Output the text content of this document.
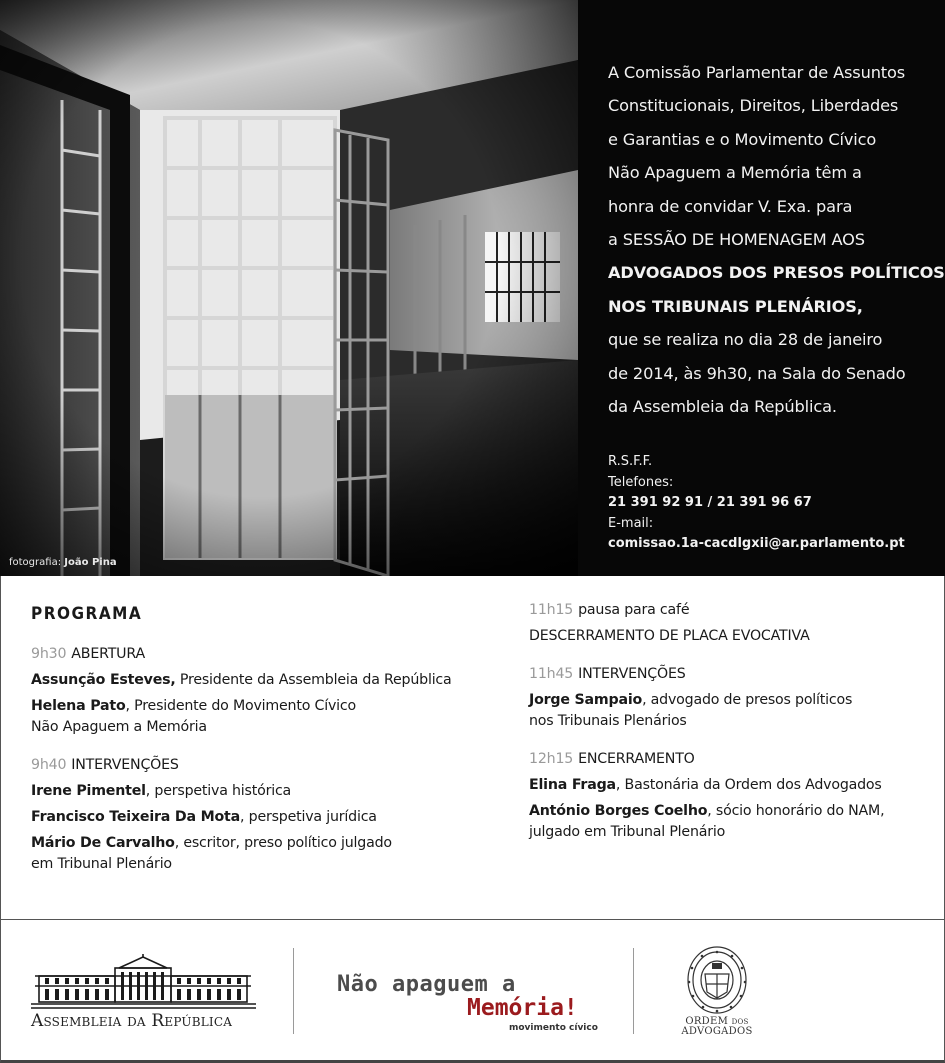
fotografia: João Pina
A Comissão Parlamentar de Assuntos
Constitucionais, Direitos, Liberdades
e Garantias e o Movimento Cívico
Não Apaguem a Memória têm a
honra de convidar V. Exa. para
a SESSÃO DE HOMENAGEM AOS
ADVOGADOS DOS PRESOS POLÍTICOS
NOS TRIBUNAIS PLENÁRIOS,
que se realiza no dia 28 de janeiro
de 2014, às 9h30, na Sala do Senado
da Assembleia da República.
R.S.F.F.
Telefones:
21 391 92 91 / 21 391 96 67
E-mail:
comissao.1a-cacdlgxii@ar.parlamento.pt
PROGRAMA
9h30 ABERTURA
Assunção Esteves, Presidente da Assembleia da República
Helena Pato, Presidente do Movimento Cívico
Não Apaguem a Memória
9h40 INTERVENÇÕES
Irene Pimentel, perspetiva histórica
Francisco Teixeira Da Mota, perspetiva jurídica
Mário De Carvalho, escritor, preso político julgado
em Tribunal Plenário
11h15 pausa para café
DESCERRAMENTO DE PLACA EVOCATIVA
11h45 INTERVENÇÕES
Jorge Sampaio, advogado de presos políticos
nos Tribunais Plenários
12h15 ENCERRAMENTO
Elina Fraga, Bastonária da Ordem dos Advogados
António Borges Coelho, sócio honorário do NAM,
julgado em Tribunal Plenário
Assembleia da República
Não apaguem a
Memória!
movimento cívico
ORDEM DOS
ADVOGADOS
